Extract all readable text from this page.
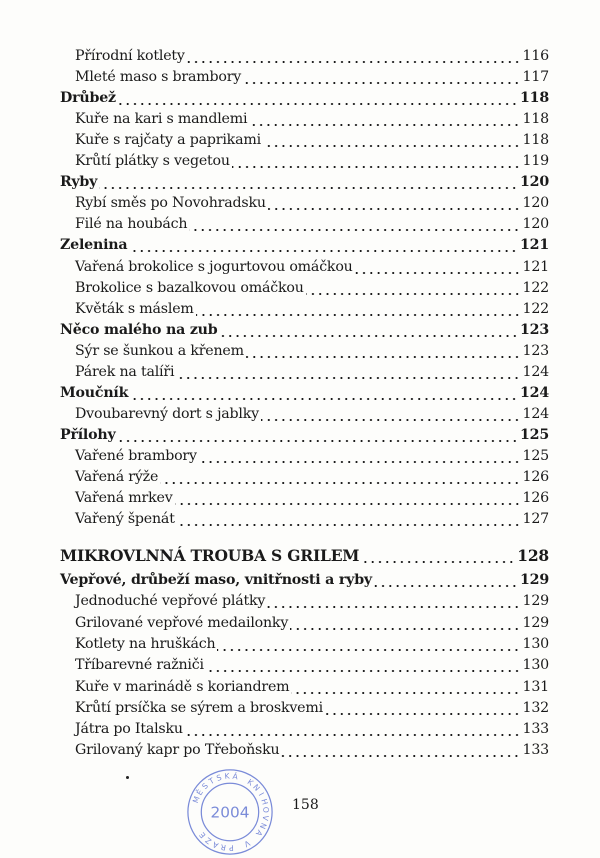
Přírodní kotlety	116
Mleté maso s brambory	117
Drůbež	118
Kuře na kari s mandlemi	118
Kuře s rajčaty a paprikami	118
Krůtí plátky s vegetou	119
Ryby	120
Rybí směs po Novohradsku	120
Filé na houbách	120
Zelenina	121
Vařená brokolice s jogurtovou omáčkou	121
Brokolice s bazalkovou omáčkou	122
Květák s máslem	122
Něco malého na zub	123
Sýr se šunkou a křenem	123
Párek na talíři	124
Moučník	124
Dvoubarevný dort s jablky	124
Přílohy	125
Vařené brambory	125
Vařená rýže	126
Vařená mrkev	126
Vařený špenát	127
MIKROVLNNÁ TROUBA S GRILEM	128
Vepřové, drůbeží maso, vnitřnosti a ryby	129
Jednoduché vepřové plátky	129
Grilované vepřové medailonky	129
Kotlety na hruškách	130
Tříbarevné ražniči	130
Kuře v marinádě s koriandrem	131
Krůtí prsíčka se sýrem a broskvemi	132
Játra po Italsku	133
Grilovaný kapr po Třeboňsku	133
M
Ě
S
T S K Á
K
N
I
H
O
V
N
A
V
P
R
A
Z
E
2004	158
